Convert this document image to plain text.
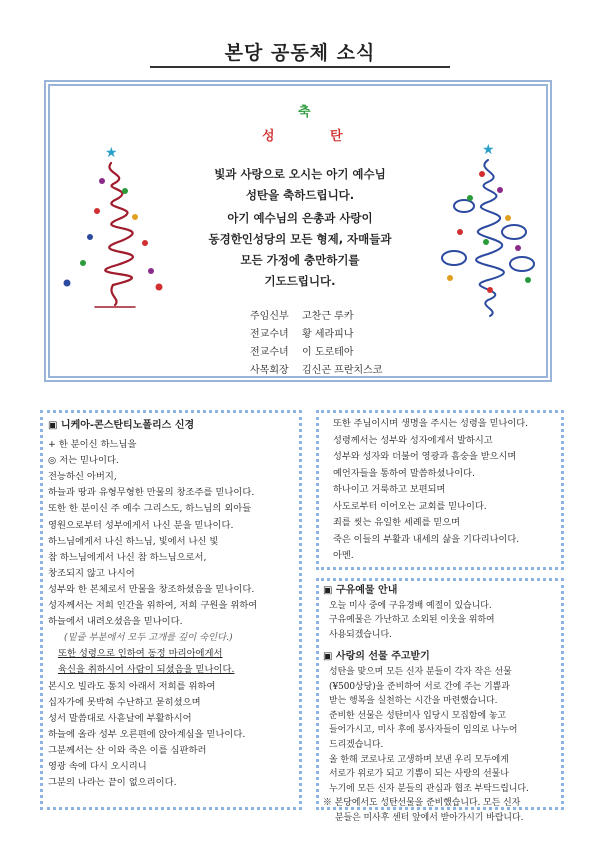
본당 공동체 소식
★	★
축
성	탄
빛과 사랑으로 오시는 아기 예수님
성탄을 축하드립니다.
아기 예수님의 은총과 사랑이
동경한인성당의 모든 형제, 자매들과
모든 가정에 충만하기를
기도드립니다.
주임신부	고찬근 루카
전교수녀	황 세라피나
전교수녀	이 도로테아
사목회장	김신곤 프란치스코
▣ 니케아-콘스탄티노폴리스 신경
+ 한 분이신 하느님을
◎ 저는 믿나이다.
전능하신 아버지,
하늘과 땅과 유형무형한 만물의 창조주를 믿나이다.
또한 한 분이신 주 예수 그리스도, 하느님의 외아들
영원으로부터 성부에게서 나신 분을 믿나이다.
하느님에게서 나신 하느님, 빛에서 나신 빛
참 하느님에게서 나신 참 하느님으로서,
창조되지 않고 나시어
성부와 한 본체로서 만물을 창조하셨음을 믿나이다.
성자께서는 저희 인간을 위하여, 저희 구원을 위하여
하늘에서 내려오셨음을 믿나이다.
(밑줄 부분에서 모두 고개를 깊이 숙인다.)
또한 성령으로 인하여 동정 마리아에게서
육신을 취하시어 사람이 되셨음을 믿나이다.
본시오 빌라도 통치 아래서 저희를 위하여
십자가에 못박혀 수난하고 묻히셨으며
성서 말씀대로 사흗날에 부활하시어
하늘에 올라 성부 오른편에 앉아계심을 믿나이다.
그분께서는 산 이와 죽은 이를 심판하러
영광 속에 다시 오시리니
그분의 나라는 끝이 없으리이다.
또한 주님이시며 생명을 주시는 성령을 믿나이다.
성령께서는 성부와 성자에게서 발하시고
성부와 성자와 더불어 영광과 흠숭을 받으시며
예언자들을 통하여 말씀하셨나이다.
하나이고 거룩하고 보편되며
사도로부터 이어오는 교회를 믿나이다.
죄를 씻는 유일한 세례를 믿으며
죽은 이들의 부활과 내세의 삶을 기다리나이다.
아멘.
▣ 구유예물 안내
오늘 미사 중에 구유경배 예절이 있습니다.
구유예물은 가난하고 소외된 이웃을 위하여
사용되겠습니다.
▣ 사랑의 선물 주고받기
성탄을 맞으며 모든 신자 분들이 각자 작은 선물
(¥500상당)을 준비하여 서로 간에 주는 기쁨과
받는 행복을 실천하는 시간을 마련했습니다.
준비한 선물은 성탄미사 입당시 모집함에 놓고
들어가시고, 미사 후에 봉사자들이 임의로 나누어
드리겠습니다.
올 한해 코로나로 고생하며 보낸 우리 모두에게
서로가 위로가 되고 기쁨이 되는 사랑의 선물나
누기에 모든 신자 분들의 관심과 협조 부탁드립니다.
※ 본당에서도 성탄선물을 준비했습니다. 모든 신자
분들은 미사후 센터 앞에서 받아가시기 바랍니다.
